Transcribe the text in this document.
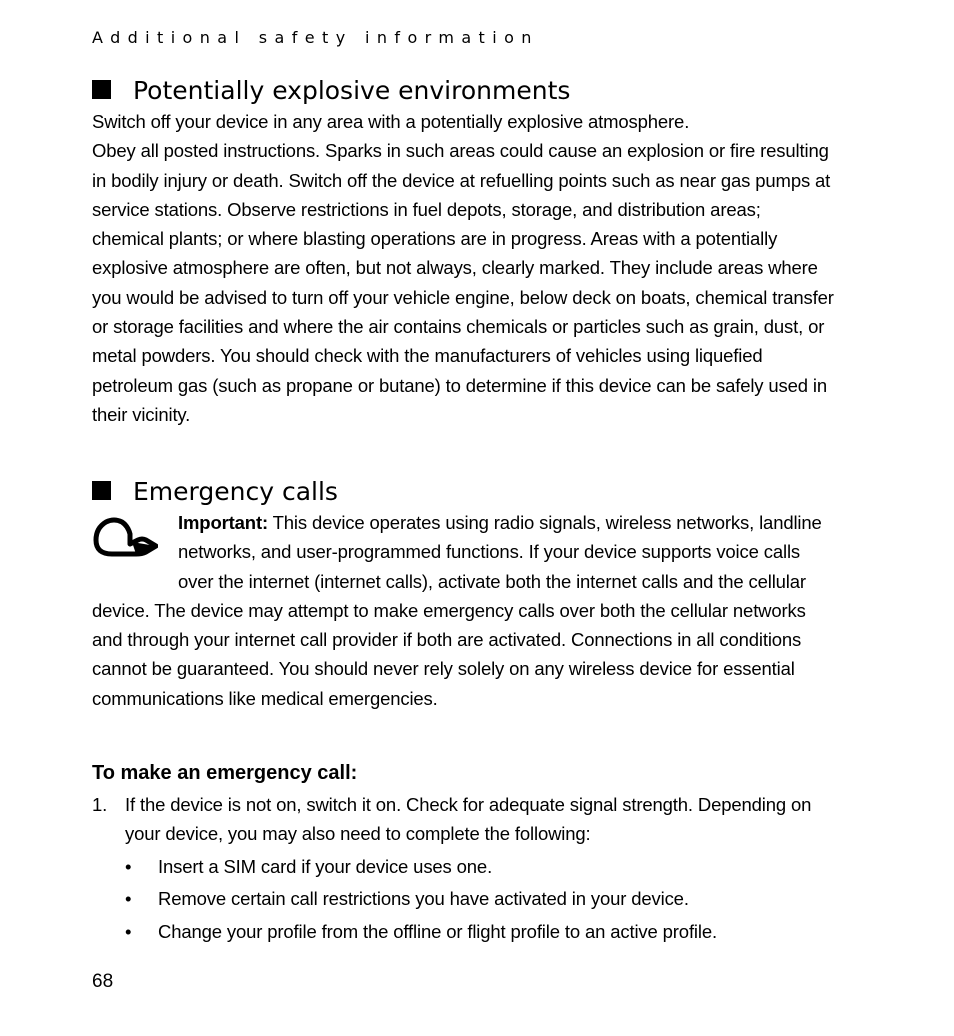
Additional safety information
Potentially explosive environments

Switch off your device in any area with a potentially explosive atmosphere.

Obey all posted instructions. Sparks in such areas could cause an explosion or fire resulting in bodily injury or death. Switch off the device at refuelling points such as near gas pumps at service stations. Observe restrictions in fuel depots, storage, and distribution areas; chemical plants; or where blasting operations are in progress. Areas with a potentially explosive atmosphere are often, but not always, clearly marked. They include areas where you would be advised to turn off your vehicle engine, below deck on boats, chemical transfer or storage facilities and where the air contains chemicals or particles such as grain, dust, or metal powders. You should check with the manufacturers of vehicles using liquefied petroleum gas (such as propane or butane) to determine if this device can be safely used in their vicinity.

Emergency calls

Important: This device operates using radio signals, wireless networks, landline networks, and user-programmed functions. If your device supports voice calls over the internet (internet calls), activate both the internet calls and the cellular device. The device may attempt to make emergency calls over both the cellular networks and through your internet call provider if both are activated. Connections in all conditions cannot be guaranteed. You should never rely solely on any wireless device for essential communications like medical emergencies.

To make an emergency call:
1. If the device is not on, switch it on. Check for adequate signal strength. Depending on your device, you may also need to complete the following:
• Insert a SIM card if your device uses one.
• Remove certain call restrictions you have activated in your device.
• Change your profile from the offline or flight profile to an active profile.
68
